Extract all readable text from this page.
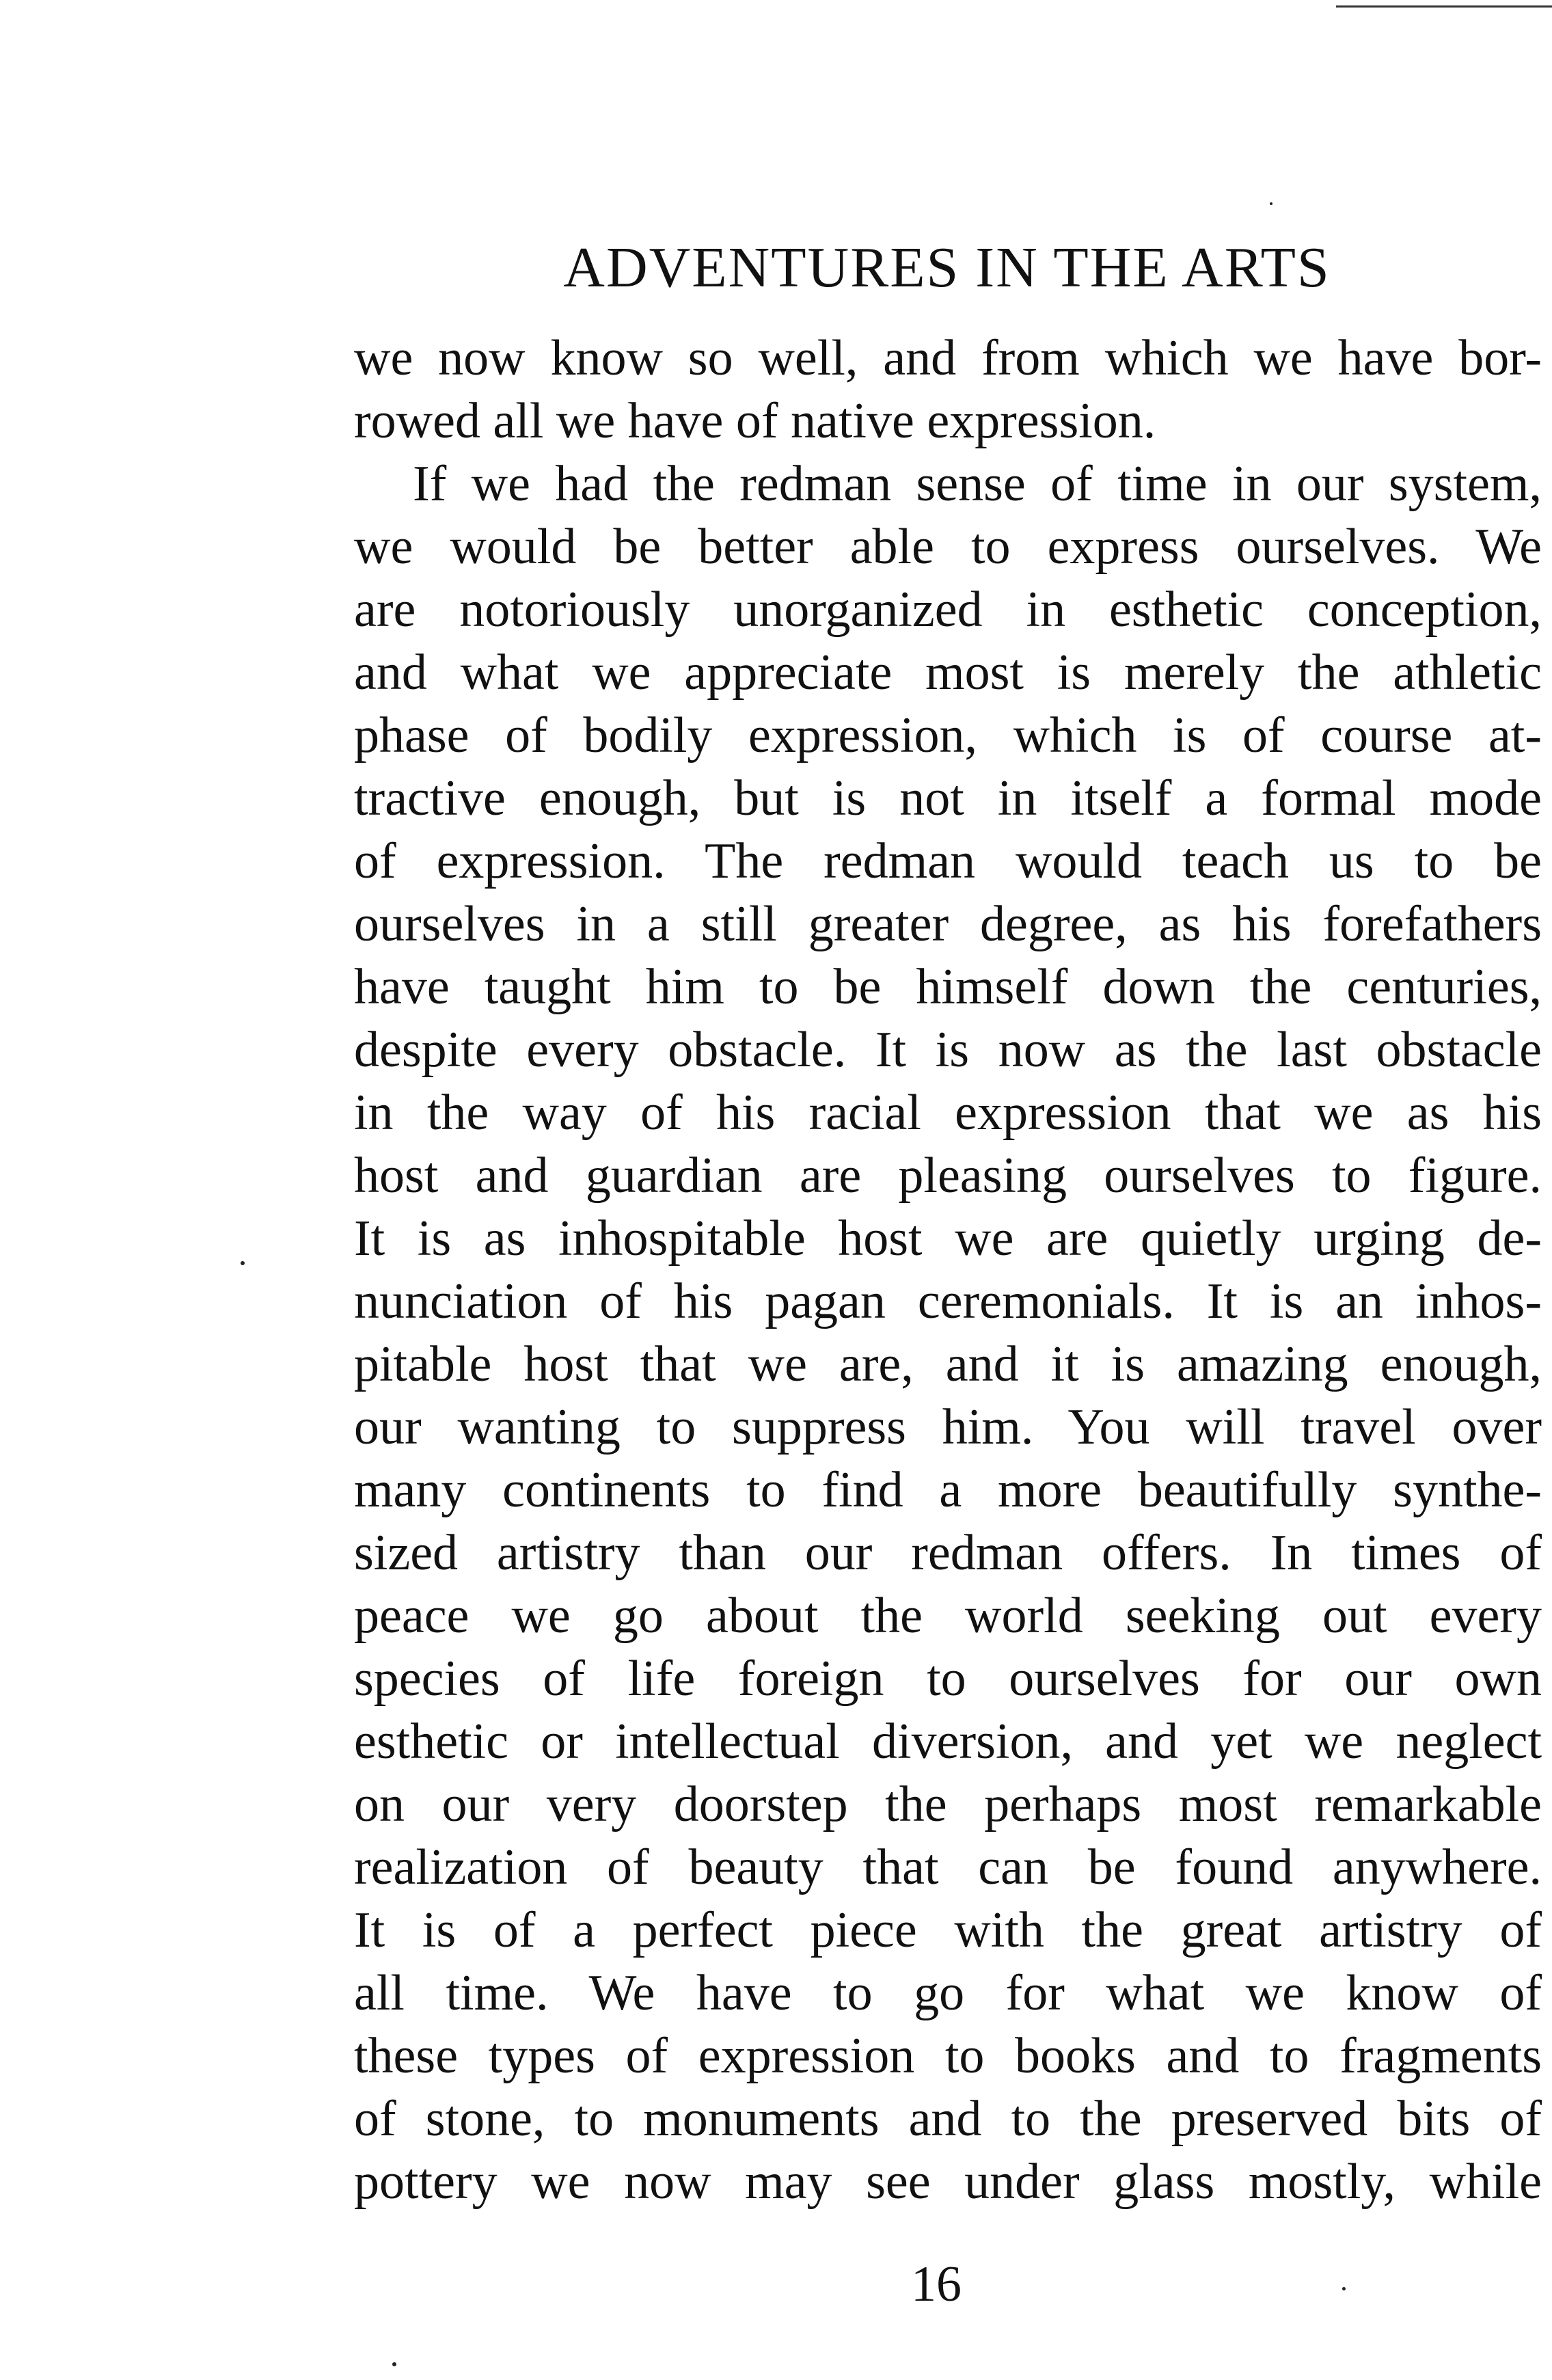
ADVENTURES IN THE ARTS
we now know so well, and from which we have bor-
rowed all we have of native expression.
If we had the redman sense of time in our system,
we would be better able to express ourselves. We
are notoriously unorganized in esthetic conception,
and what we appreciate most is merely the athletic
phase of bodily expression, which is of course at-
tractive enough, but is not in itself a formal mode
of expression. The redman would teach us to be
ourselves in a still greater degree, as his forefathers
have taught him to be himself down the centuries,
despite every obstacle. It is now as the last obstacle
in the way of his racial expression that we as his
host and guardian are pleasing ourselves to figure.
It is as inhospitable host we are quietly urging de-
nunciation of his pagan ceremonials. It is an inhos-
pitable host that we are, and it is amazing enough,
our wanting to suppress him. You will travel over
many continents to find a more beautifully synthe-
sized artistry than our redman offers. In times of
peace we go about the world seeking out every
species of life foreign to ourselves for our own
esthetic or intellectual diversion, and yet we neglect
on our very doorstep the perhaps most remarkable
realization of beauty that can be found anywhere.
It is of a perfect piece with the great artistry of
all time. We have to go for what we know of
these types of expression to books and to fragments
of stone, to monuments and to the preserved bits of
pottery we now may see under glass mostly, while
16
